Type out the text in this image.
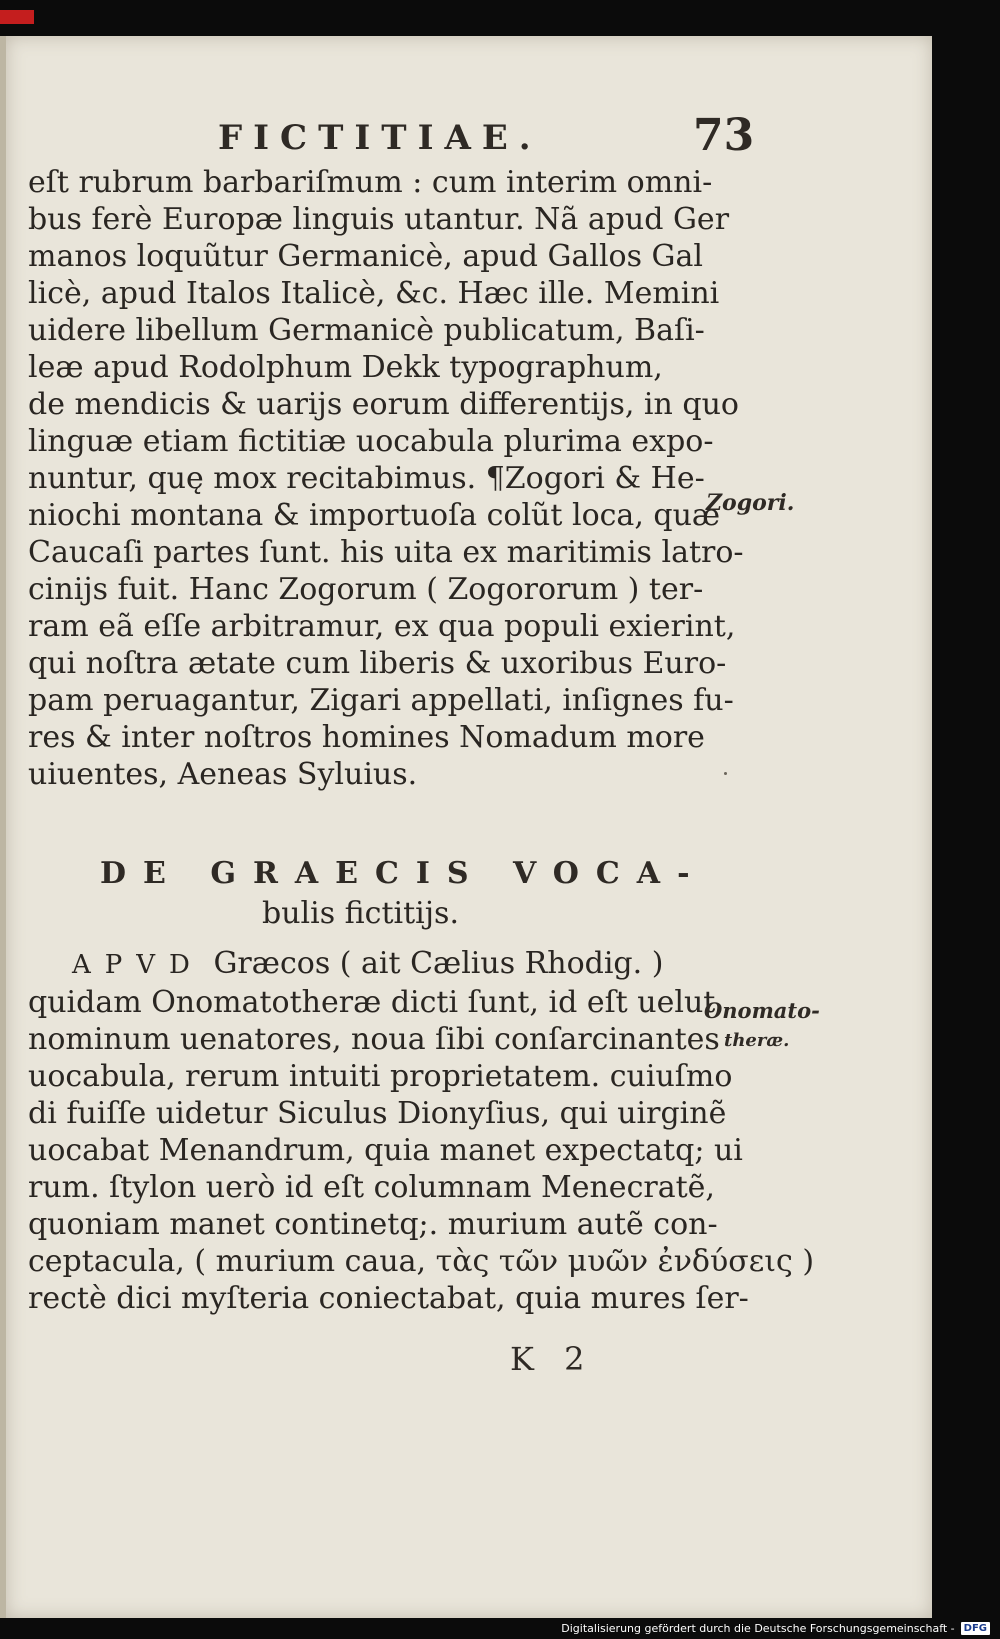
FICTITIAE.	73
eſt rubrum barbariſmum : cum interim omni-
bus ferè Europæ linguis utantur. Nã apud Ger
manos loquũtur Germanicè, apud Gallos Gal
licè, apud Italos Italicè, &c. Hæc ille. Memini
uidere libellum Germanicè publicatum, Baſi-
leæ apud Rodolphum Dekk typographum,
de mendicis & uarijs eorum differentijs, in quo
linguæ etiam fictitiæ uocabula plurima expo-
nuntur, quę mox recitabimus. ¶Zogori & He-
niochi montana & importuoſa colũt loca, quæ
Caucaſi partes ſunt. his uita ex maritimis latro-
cinijs fuit. Hanc Zogorum ( Zogororum ) ter-
ram eã eſſe arbitramur, ex qua populi exierint,
qui noſtra ætate cum liberis & uxoribus Euro-
pam peruagantur, Zigari appellati, inſignes fu-
res & inter noſtros homines Nomadum more
uiuentes, Aeneas Syluius.
Zogori.
DE GRAECIS VOCA-
bulis fictitijs.
APVD Græcos ( ait Cælius Rhodig. )
quidam Onomatotheræ dicti ſunt, id eſt uelut
nominum uenatores, noua ſibi conſarcinantes
uocabula, rerum intuiti proprietatem. cuiuſmo
di fuiſſe uidetur Siculus Dionyſius, qui uirginẽ
uocabat Menandrum, quia manet expectatq; ui
rum. ſtylon uerò id eſt columnam Menecratẽ,
quoniam manet continetq;. murium autẽ con-
ceptacula, ( murium caua, τὰς τῶν μυῶν ἐνδύσεις )
rectè dici myſteria coniectabat, quia mures ſer-
Onomato-
theræ.
K 2
Digitalisierung gefördert durch die Deutsche Forschungsgemeinschaft - DFG
